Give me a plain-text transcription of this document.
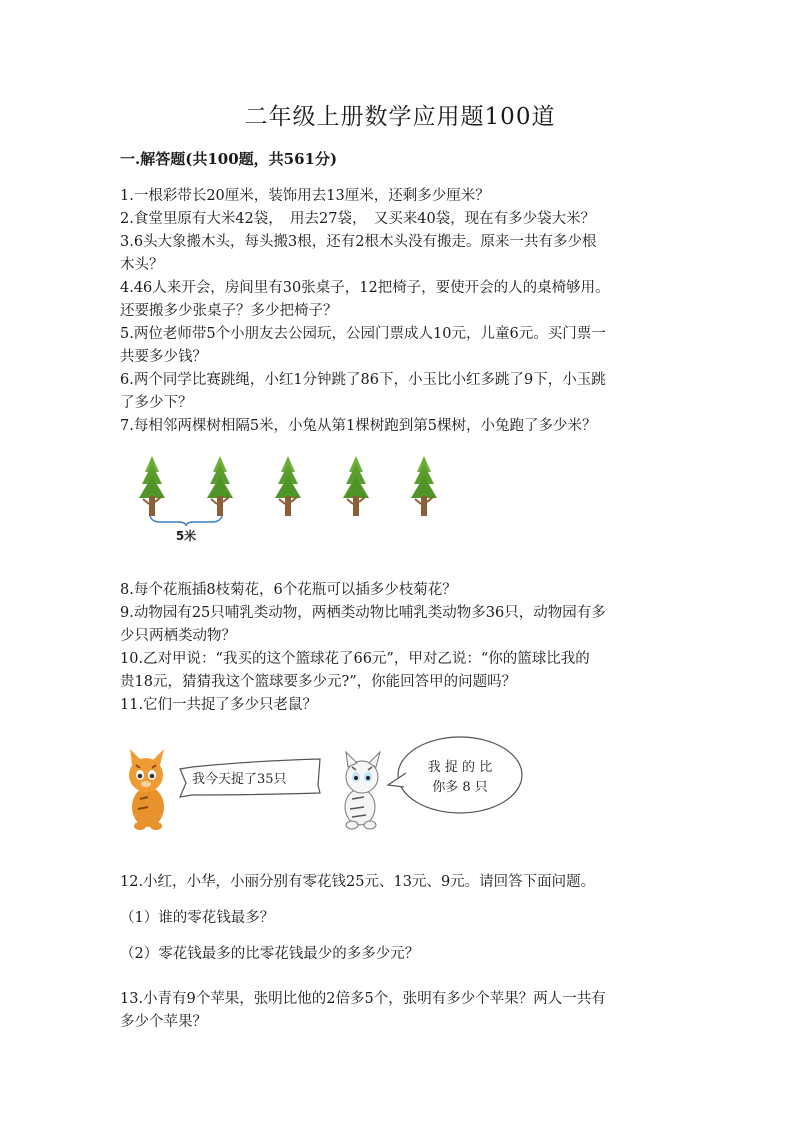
二年级上册数学应用题100道
一.解答题(共100题，共561分)
1.一根彩带长20厘米，装饰用去13厘米，还剩多少厘米？
2.食堂里原有大米42袋，　用去27袋，　又买来40袋，现在有多少袋大米？
3.6头大象搬木头，每头搬3根，还有2根木头没有搬走。原来一共有多少根
木头？
4.46人来开会，房间里有30张桌子，12把椅子，要使开会的人的桌椅够用。
还要搬多少张桌子？多少把椅子？
5.两位老师带5个小朋友去公园玩，公园门票成人10元，儿童6元。买门票一
共要多少钱？
6.两个同学比赛跳绳，小红1分钟跳了86下，小玉比小红多跳了9下，小玉跳
了多少下？
7.每相邻两棵树相隔5米，小兔从第1棵树跑到第5棵树，小兔跑了多少米？
5米
8.每个花瓶插8枝菊花，6个花瓶可以插多少枝菊花？
9.动物园有25只哺乳类动物，两栖类动物比哺乳类动物多36只，动物园有多
少只两栖类动物？
10.乙对甲说：“我买的这个篮球花了66元”，甲对乙说：“你的篮球比我的
贵18元，猜猜我这个篮球要多少元?”，你能回答甲的问题吗？
11.它们一共捉了多少只老鼠？
我今天捉了35只
我 捉 的 比
你多 8 只

12.小红，小华，小丽分别有零花钱25元、13元、9元。请回答下面问题。

（1）谁的零花钱最多？

（2）零花钱最多的比零花钱最少的多多少元？

13.小青有9个苹果，张明比他的2倍多5个，张明有多少个苹果？两人一共有
多少个苹果？
